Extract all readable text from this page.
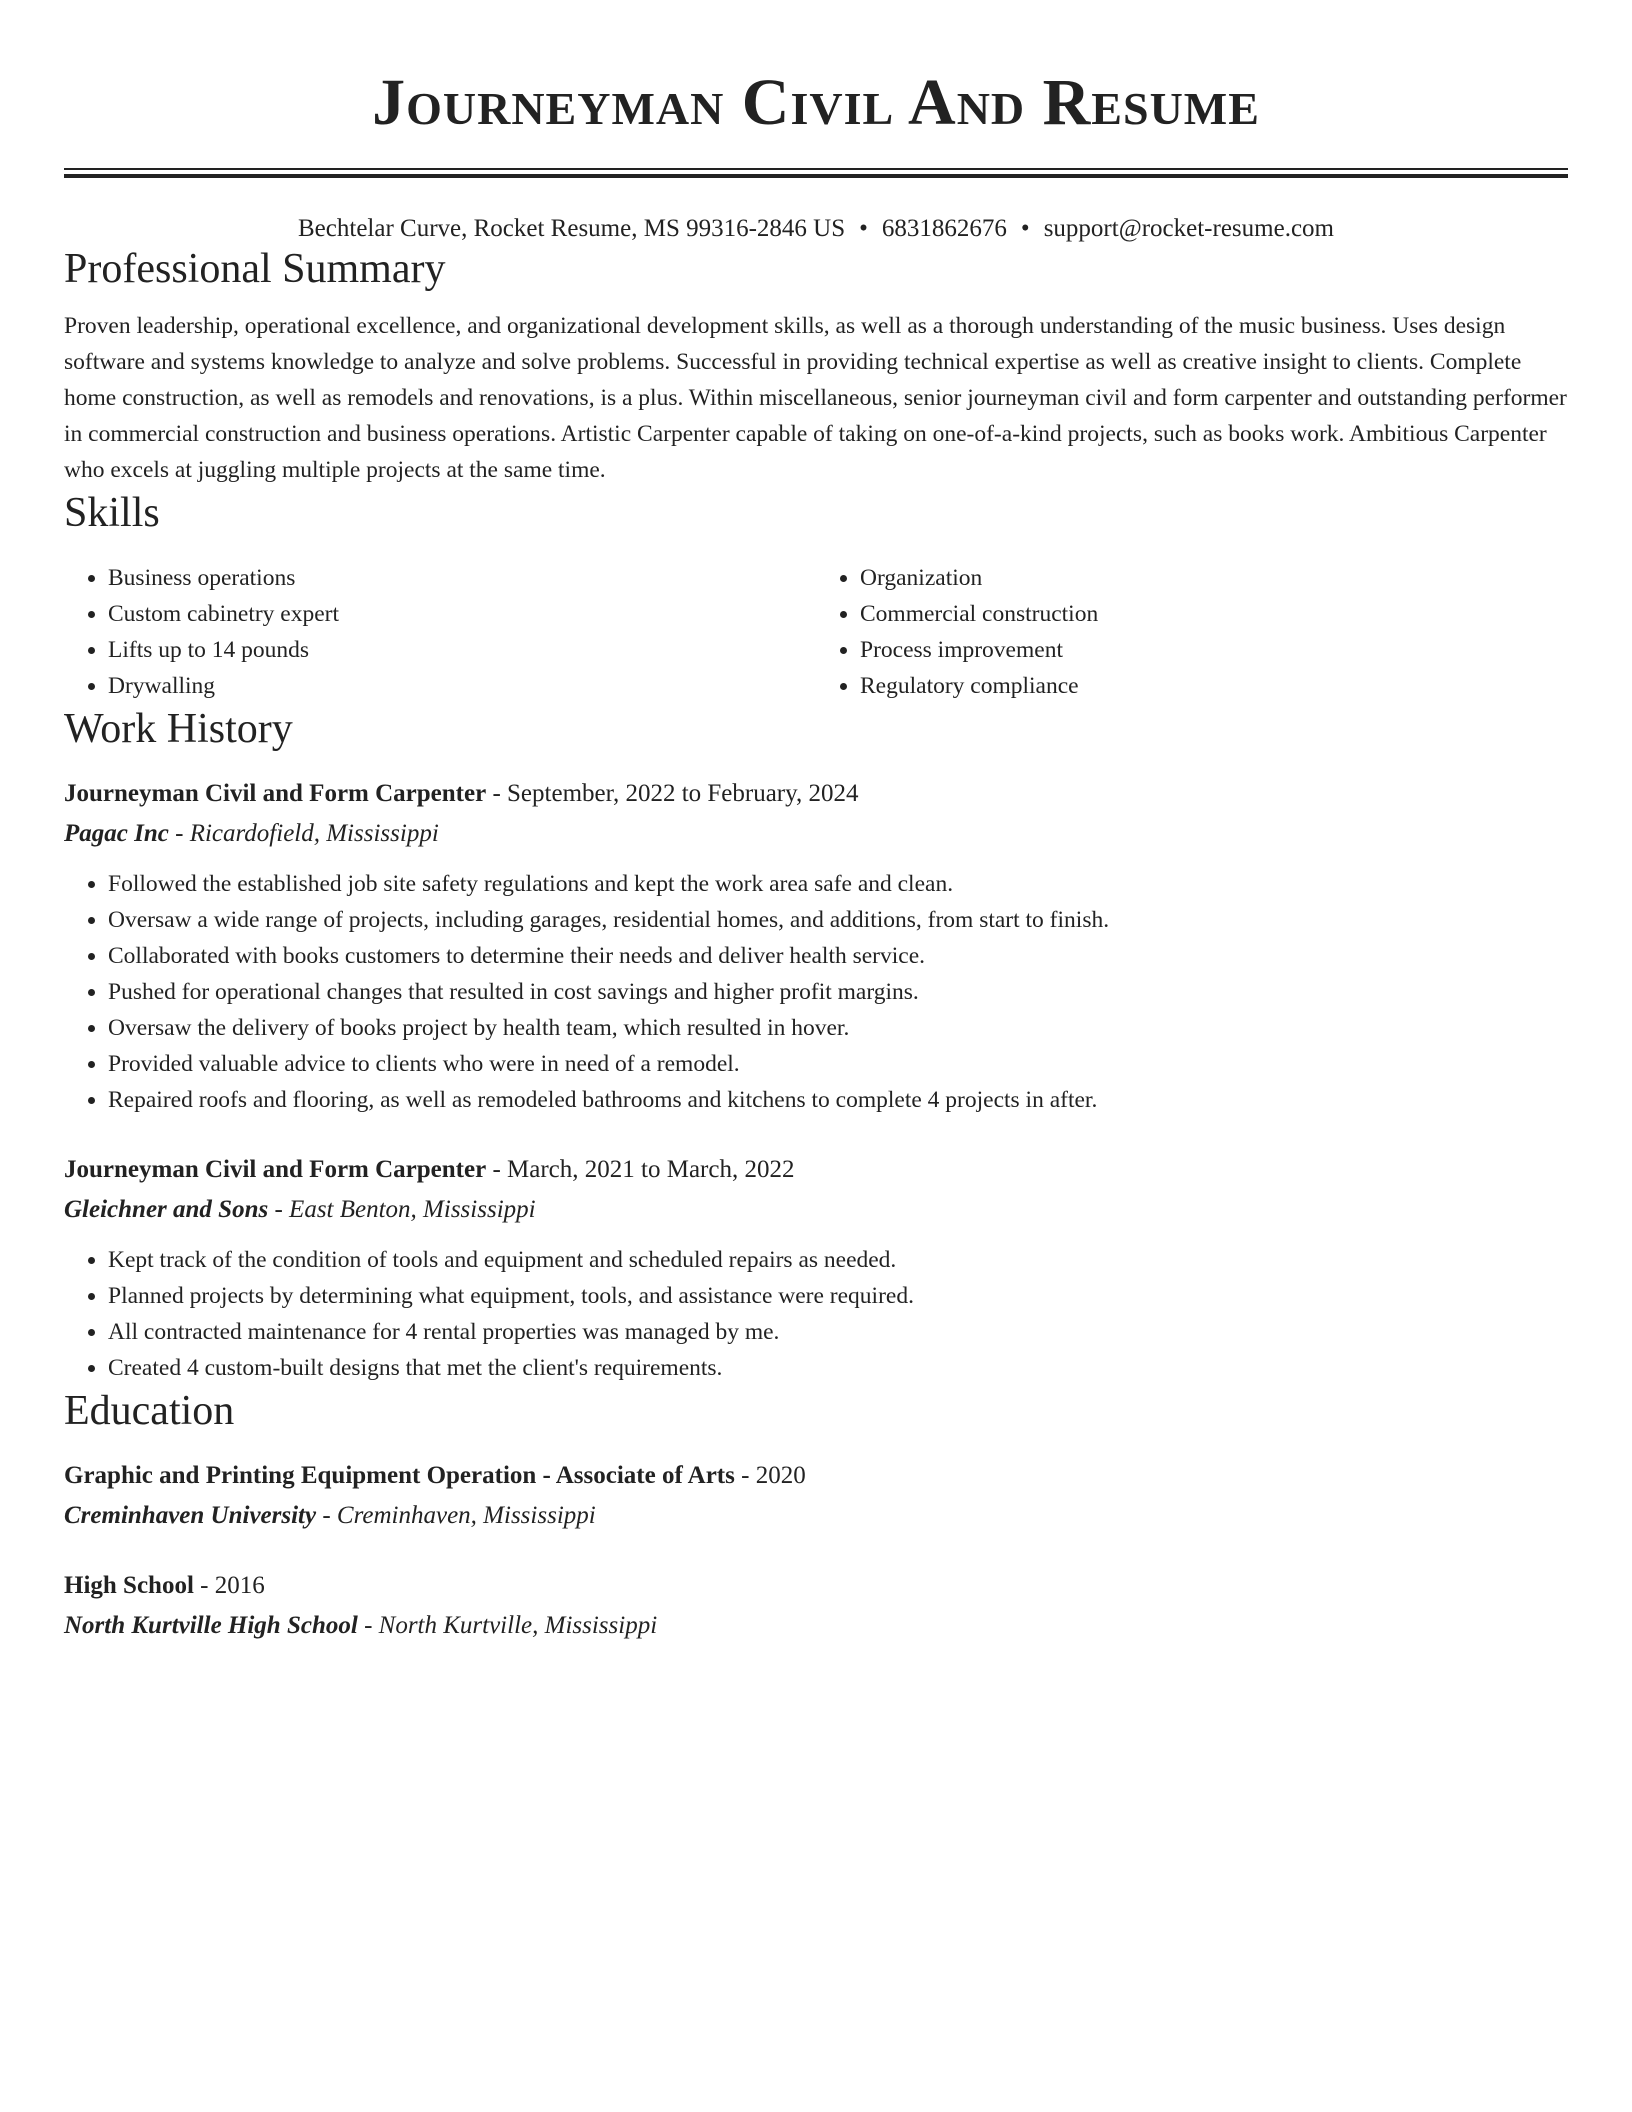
Journeyman Civil And Resume
Bechtelar Curve, Rocket Resume, MS 99316-2846 US • 6831862676 • support@rocket-resume.com
Professional Summary
Proven leadership, operational excellence, and organizational development skills, as well as a thorough understanding of the music business. Uses design software and systems knowledge to analyze and solve problems. Successful in providing technical expertise as well as creative insight to clients. Complete home construction, as well as remodels and renovations, is a plus. Within miscellaneous, senior journeyman civil and form carpenter and outstanding performer in commercial construction and business operations. Artistic Carpenter capable of taking on one-of-a-kind projects, such as books work. Ambitious Carpenter who excels at juggling multiple projects at the same time.
Skills
• Business operations
• Custom cabinetry expert
• Lifts up to 14 pounds
• Drywalling
• Organization
• Commercial construction
• Process improvement
• Regulatory compliance
Work History
Journeyman Civil and Form Carpenter - September, 2022 to February, 2024
Pagac Inc - Ricardofield, Mississippi
• Followed the established job site safety regulations and kept the work area safe and clean.
• Oversaw a wide range of projects, including garages, residential homes, and additions, from start to finish.
• Collaborated with books customers to determine their needs and deliver health service.
• Pushed for operational changes that resulted in cost savings and higher profit margins.
• Oversaw the delivery of books project by health team, which resulted in hover.
• Provided valuable advice to clients who were in need of a remodel.
• Repaired roofs and flooring, as well as remodeled bathrooms and kitchens to complete 4 projects in after.
Journeyman Civil and Form Carpenter - March, 2021 to March, 2022
Gleichner and Sons - East Benton, Mississippi
• Kept track of the condition of tools and equipment and scheduled repairs as needed.
• Planned projects by determining what equipment, tools, and assistance were required.
• All contracted maintenance for 4 rental properties was managed by me.
• Created 4 custom-built designs that met the client's requirements.
Education
Graphic and Printing Equipment Operation - Associate of Arts - 2020
Creminhaven University - Creminhaven, Mississippi
High School - 2016
North Kurtville High School - North Kurtville, Mississippi
